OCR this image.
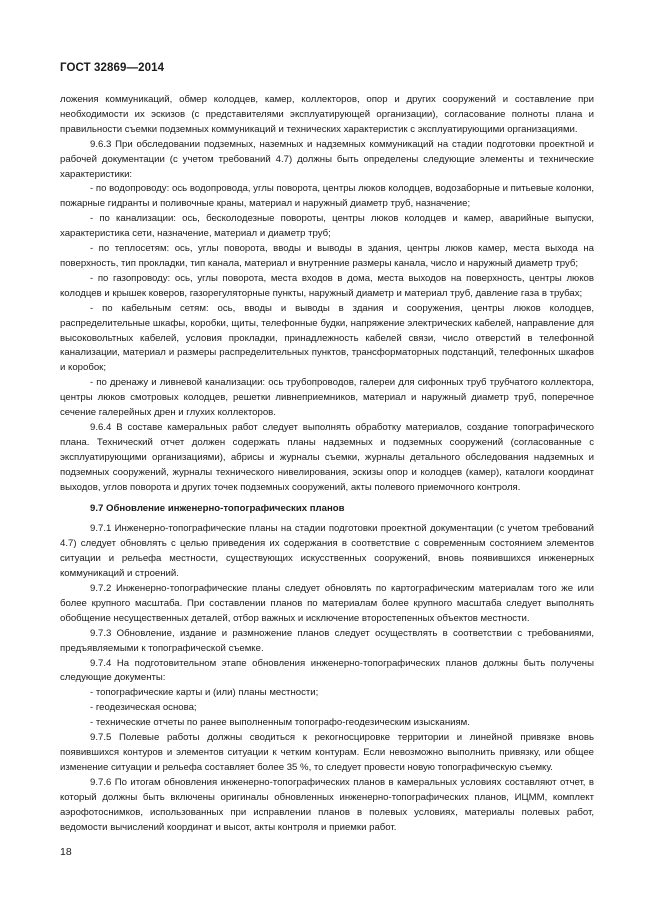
ГОСТ 32869—2014

ложения коммуникаций, обмер колодцев, камер, коллекторов, опор и других сооружений и составление при необходимости их эскизов (с представителями эксплуатирующей организации), согласование полноты плана и правильности съемки подземных коммуникаций и технических характеристик с эксплуатирующими организациями.

9.6.3 При обследовании подземных, наземных и надземных коммуникаций на стадии подготовки проектной и рабочей документации (с учетом требований 4.7) должны быть определены следующие элементы и технические характеристики:

- по водопроводу: ось водопровода, углы поворота, центры люков колодцев, водозаборные и питьевые колонки, пожарные гидранты и поливочные краны, материал и наружный диаметр труб, назначение;

- по канализации: ось, бесколодезные повороты, центры люков колодцев и камер, аварийные выпуски, характеристика сети, назначение, материал и диаметр труб;

- по теплосетям: ось, углы поворота, вводы и выводы в здания, центры люков камер, места выхода на поверхность, тип прокладки, тип канала, материал и внутренние размеры канала, число и наружный диаметр труб;

- по газопроводу: ось, углы поворота, места входов в дома, места выходов на поверхность, центры люков колодцев и крышек коверов, газорегуляторные пункты, наружный диаметр и материал труб, давление газа в трубах;

- по кабельным сетям: ось, вводы и выводы в здания и сооружения, центры люков колодцев, распределительные шкафы, коробки, щиты, телефонные будки, напряжение электрических кабелей, направление для высоковольтных кабелей, условия прокладки, принадлежность кабелей связи, число отверстий в телефонной канализации, материал и размеры распределительных пунктов, трансформаторных подстанций, телефонных шкафов и коробок;

- по дренажу и ливневой канализации: ось трубопроводов, галереи для сифонных труб трубчатого коллектора, центры люков смотровых колодцев, решетки ливнеприемников, материал и наружный диаметр труб, поперечное сечение галерейных дрен и глухих коллекторов.

9.6.4 В составе камеральных работ следует выполнять обработку материалов, создание топографического плана. Технический отчет должен содержать планы надземных и подземных сооружений (согласованные с эксплуатирующими организациями), абрисы и журналы съемки, журналы детального обследования надземных и подземных сооружений, журналы технического нивелирования, эскизы опор и колодцев (камер), каталоги координат выходов, углов поворота и других точек подземных сооружений, акты полевого приемочного контроля.

9.7 Обновление инженерно-топографических планов

9.7.1 Инженерно-топографические планы на стадии подготовки проектной документации (с учетом требований 4.7) следует обновлять с целью приведения их содержания в соответствие с современным состоянием элементов ситуации и рельефа местности, существующих искусственных сооружений, вновь появившихся инженерных коммуникаций и строений.

9.7.2 Инженерно-топографические планы следует обновлять по картографическим материалам того же или более крупного масштаба. При составлении планов по материалам более крупного масштаба следует выполнять обобщение несущественных деталей, отбор важных и исключение второстепенных объектов местности.

9.7.3 Обновление, издание и размножение планов следует осуществлять в соответствии с требованиями, предъявляемыми к топографической съемке.

9.7.4 На подготовительном этапе обновления инженерно-топографических планов должны быть получены следующие документы:

- топографические карты и (или) планы местности;

- геодезическая основа;

- технические отчеты по ранее выполненным топографо-геодезическим изысканиям.

9.7.5 Полевые работы должны сводиться к рекогносцировке территории и линейной привязке вновь появившихся контуров и элементов ситуации к четким контурам. Если невозможно выполнить привязку, или общее изменение ситуации и рельефа составляет более 35 %, то следует провести новую топографическую съемку.

9.7.6 По итогам обновления инженерно-топографических планов в камеральных условиях составляют отчет, в который должны быть включены оригиналы обновленных инженерно-топографических планов, ИЦММ, комплект аэрофотоснимков, использованных при исправлении планов в полевых условиях, материалы полевых работ, ведомости вычислений координат и высот, акты контроля и приемки работ.

18
